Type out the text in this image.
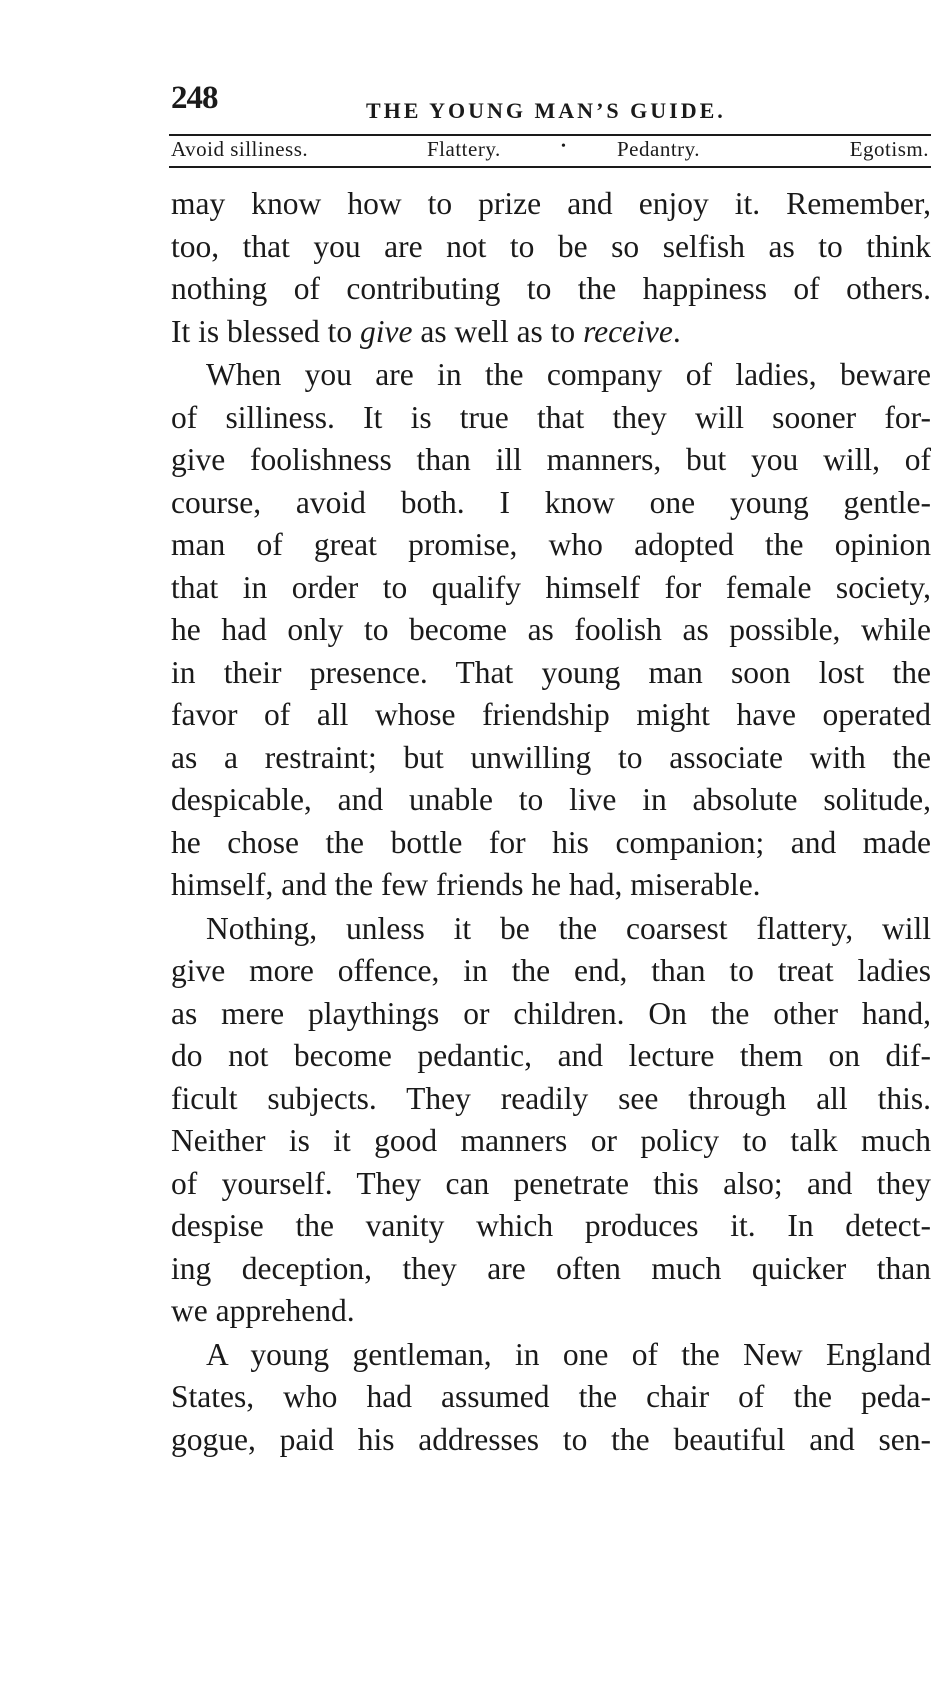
248	THE YOUNG MAN’S GUIDE.
Avoid silliness.	Flattery.	• Pedantry.	Egotism.
may know how to prize and enjoy it. Remember,
too, that you are not to be so selfish as to think
nothing of contributing to the happiness of others.
It is blessed to give as well as to receive.
When you are in the company of ladies, beware
of silliness. It is true that they will sooner for-
give foolishness than ill manners, but you will, of
course, avoid both. I know one young gentle-
man of great promise, who adopted the opinion
that in order to qualify himself for female society,
he had only to become as foolish as possible, while
in their presence. That young man soon lost the
favor of all whose friendship might have operated
as a restraint; but unwilling to associate with the
despicable, and unable to live in absolute solitude,
he chose the bottle for his companion; and made
himself, and the few friends he had, miserable.
Nothing, unless it be the coarsest flattery, will
give more offence, in the end, than to treat ladies
as mere playthings or children. On the other hand,
do not become pedantic, and lecture them on dif-
ficult subjects. They readily see through all this.
Neither is it good manners or policy to talk much
of yourself. They can penetrate this also; and they
despise the vanity which produces it. In detect-
ing deception, they are often much quicker than
we apprehend.
A young gentleman, in one of the New England
States, who had assumed the chair of the peda-
gogue, paid his addresses to the beautiful and sen-
